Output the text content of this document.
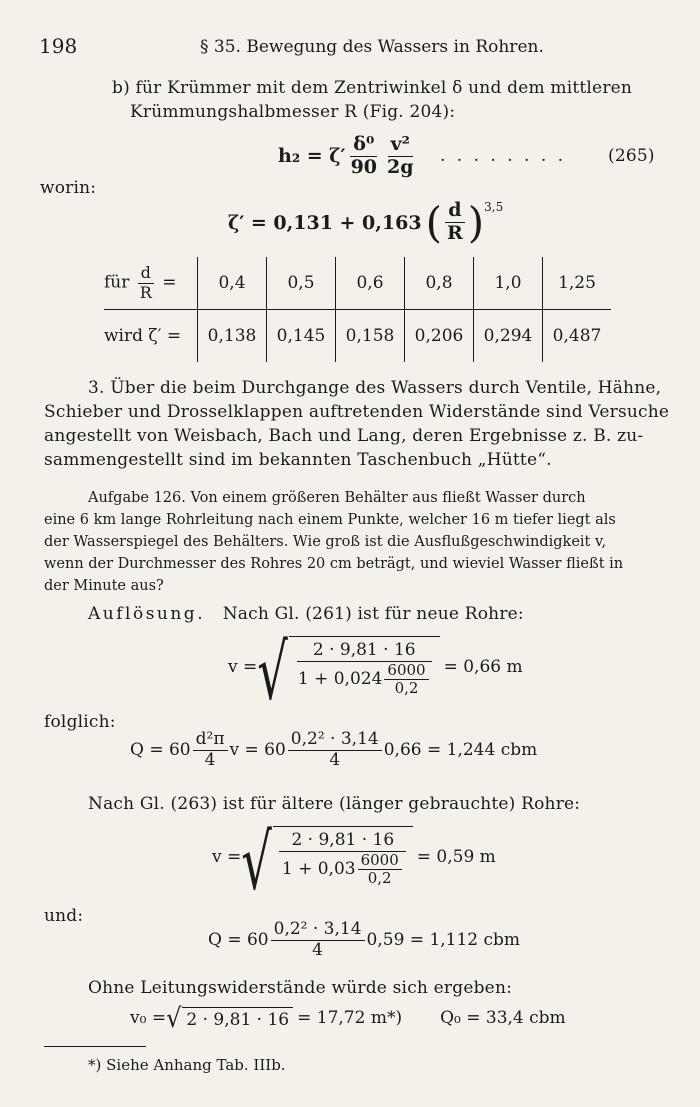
198	§ 35. Bewegung des Wassers in Rohren.
b) für Krümmer mit dem Zentriwinkel δ und dem mittleren
Krümmungshalbmesser R (Fig. 204):
$h_2 = \zeta' \frac{\text{δ⁰}}{90} \frac{\text{v²}}{2g}$ . . . . . . . . (265)
worin:
ζ′ = 0,131 + 0,163 ( $\frac{d}{R}$ ) 3,5
für $\frac{d}{R}$ =	0,4	0,5	0,6	0,8	1,0	1,25
wird ζ′ =	0,138	0,145	0,158	0,206	0,294	0,487
3. Über die beim Durchgange des Wassers durch Ventile, Hähne,
Schieber und Drosselklappen auftretenden Widerstände sind Versuche
angestellt von Weisbach, Bach und Lang, deren Ergebnisse z. B. zu-
sammengestellt sind im bekannten Taschenbuch „Hütte“.
Aufgabe 126. Von einem größeren Behälter aus fließt Wasser durch
eine 6 km lange Rohrleitung nach einem Punkte, welcher 16 m tiefer liegt als
der Wasserspiegel des Behälters. Wie groß ist die Ausflußgeschwindigkeit v,
wenn der Durchmesser des Rohres 20 cm beträgt, und wieviel Wasser fließt in
der Minute aus?
Auflösung. Nach Gl. (261) ist für neue Rohre:
v = √ $\frac{2 \cdot 9,81 \cdot 16}{1 + 0,024 \frac{6000}{0,2}} = 0,66$ m
folglich:
$Q = 60 \frac{\text{d²π}}{4}$ $v = 60 \frac{\text{0,2² · 3,14}}{4} 0,66 = 1,244$ cbm
Nach Gl. (263) ist für ältere (länger gebrauchte) Rohre:
v = √ $\frac{2 \cdot 9,81 \cdot 16}{1 + 0,03 \frac{6000}{0,2}} = 0,59$ m
und:
$Q = 60 \frac{\text{0,2² · 3,14}}{4} 0,59 = 1,112$ cbm
Ohne Leitungswiderstände würde sich ergeben:
v₀ = √ 2 · 9,81 · 16 = 17,72 m*) Q₀ = 33,4 cbm
*) Siehe Anhang Tab. IIIb.
